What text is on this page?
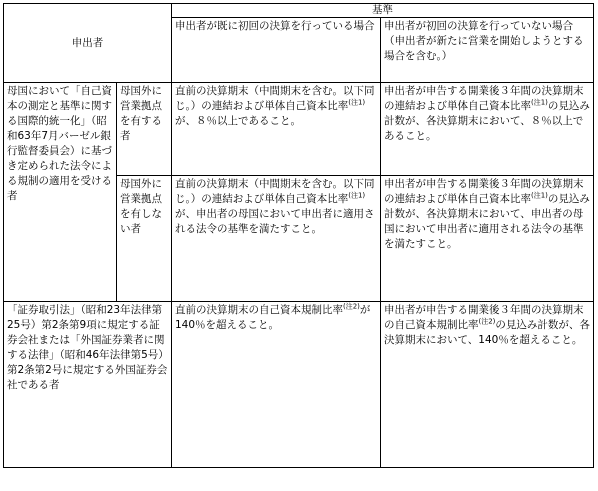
申出者		基準	
		申出者が既に初回の決算を行っている場合	申出者が初回の決算を行っていない場合（申出者が新たに営業を開始しようとする場合を含む。）
母国において「自己資本の測定と基準に関する国際的統一化」（昭和63年7月バーゼル銀行監督委員会）に基づき定められた法令による規制の適用を受ける者	母国外に営業拠点を有する者	直前の決算期末（中間期末を含む。以下同じ。）の連結および単体自己資本比率$^{(注1)}$が、８％以上であること。	申出者が申告する開業後３年間の決算期末の連結および単体自己資本比率$^{(注1)}$の見込み計数が、各決算期末において、８％以上であること。
	母国外に営業拠点を有しない者	直前の決算期末（中間期末を含む。以下同じ。）の連結および単体自己資本比率$^{(注1)}$が、申出者の母国において申出者に適用される法令の基準を満たすこと。	申出者が申告する開業後３年間の決算期末の連結および単体自己資本比率$^{(注1)}$の見込み計数が、各決算期末において、申出者の母国において申出者に適用される法令の基準を満たすこと。
「証券取引法」（昭和23年法律第25号）第2条第9項に規定する証券会社または「外国証券業者に関する法律」（昭和46年法律第5号）第2条第2号に規定する外国証券会社である者		直前の決算期末の自己資本規制比率$^{(注2)}$が140％を超えること。	申出者が申告する開業後３年間の決算期末の自己資本規制比率$^{(注2)}$の見込み計数が、各決算期末において、140％を超えること。
